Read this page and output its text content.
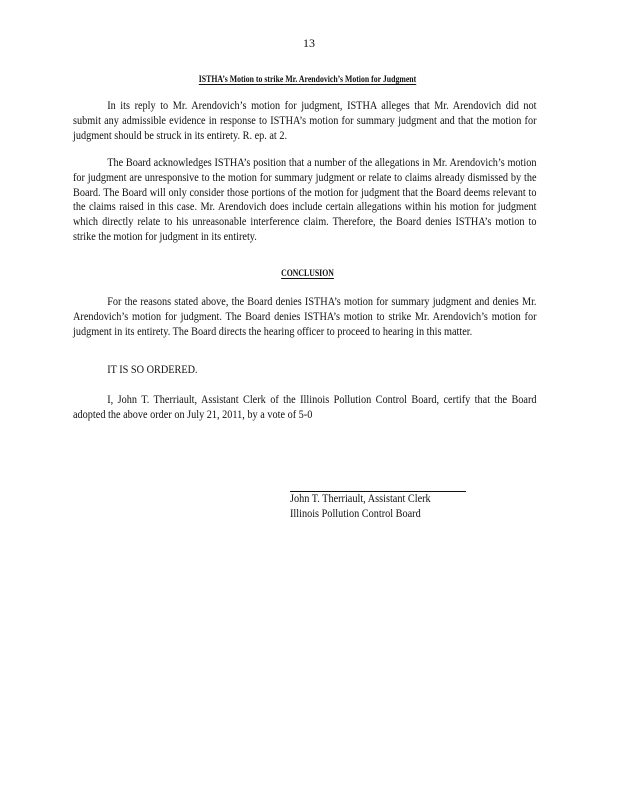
13
ISTHA’s Motion to strike Mr. Arendovich’s Motion for Judgment
In its reply to Mr. Arendovich’s motion for judgment, ISTHA alleges that Mr. Arendovich did not submit any admissible evidence in response to ISTHA’s motion for summary judgment and that the motion for judgment should be struck in its entirety. R. ep. at 2.
The Board acknowledges ISTHA’s position that a number of the allegations in Mr. Arendovich’s motion for judgment are unresponsive to the motion for summary judgment or relate to claims already dismissed by the Board. The Board will only consider those portions of the motion for judgment that the Board deems relevant to the claims raised in this case. Mr. Arendovich does include certain allegations within his motion for judgment which directly relate to his unreasonable interference claim. Therefore, the Board denies ISTHA’s motion to strike the motion for judgment in its entirety.
CONCLUSION
For the reasons stated above, the Board denies ISTHA’s motion for summary judgment and denies Mr. Arendovich’s motion for judgment. The Board denies ISTHA’s motion to strike Mr. Arendovich’s motion for judgment in its entirety. The Board directs the hearing officer to proceed to hearing in this matter.
IT IS SO ORDERED.
I, John T. Therriault, Assistant Clerk of the Illinois Pollution Control Board, certify that the Board adopted the above order on July 21, 2011, by a vote of 5-0
John T. Therriault, Assistant Clerk
Illinois Pollution Control Board
